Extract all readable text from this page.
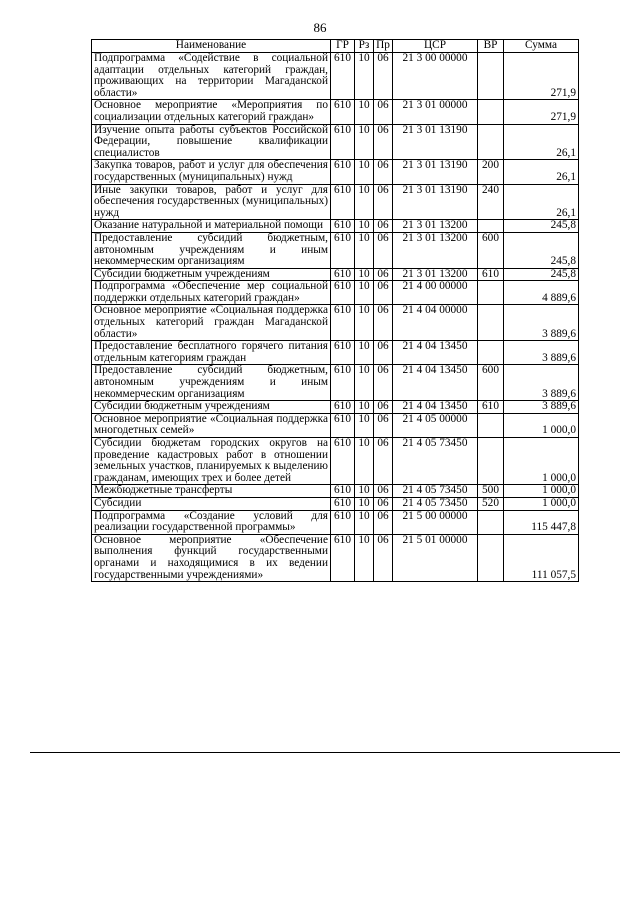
86
Наименование	ГР	Рз	Пр	ЦСР	ВР	Сумма
Подпрограмма «Содействие в социальной адаптации отдельных категорий граждан, проживающих на территории Магаданской области»	610	10	06	21 3 00 00000		271,9
Основное мероприятие «Мероприятия по социализации отдельных категорий граждан»	610	10	06	21 3 01 00000		271,9
Изучение опыта работы субъектов Российской Федерации, повышение квалификации специалистов	610	10	06	21 3 01 13190		26,1
Закупка товаров, работ и услуг для обеспечения государственных (муниципальных) нужд	610	10	06	21 3 01 13190	200	26,1
Иные закупки товаров, работ и услуг для обеспечения государственных (муниципальных) нужд	610	10	06	21 3 01 13190	240	26,1
Оказание натуральной и материальной помощи	610	10	06	21 3 01 13200		245,8
Предоставление субсидий бюджетным, автономным учреждениям и иным некоммерческим организациям	610	10	06	21 3 01 13200	600	245,8
Субсидии бюджетным учреждениям	610	10	06	21 3 01 13200	610	245,8
Подпрограмма «Обеспечение мер социальной поддержки отдельных категорий граждан»	610	10	06	21 4 00 00000		4 889,6
Основное мероприятие «Социальная поддержка отдельных категорий граждан Магаданской области»	610	10	06	21 4 04 00000		3 889,6
Предоставление бесплатного горячего питания отдельным категориям граждан	610	10	06	21 4 04 13450		3 889,6
Предоставление субсидий бюджетным, автономным учреждениям и иным некоммерческим организациям	610	10	06	21 4 04 13450	600	3 889,6
Субсидии бюджетным учреждениям	610	10	06	21 4 04 13450	610	3 889,6
Основное мероприятие «Социальная поддержка многодетных семей»	610	10	06	21 4 05 00000		1 000,0
Субсидии бюджетам городских округов на проведение кадастровых работ в отношении земельных участков, планируемых к выделению гражданам, имеющих трех и более детей	610	10	06	21 4 05 73450		1 000,0
Межбюджетные трансферты	610	10	06	21 4 05 73450	500	1 000,0
Субсидии	610	10	06	21 4 05 73450	520	1 000,0
Подпрограмма «Создание условий для реализации государственной программы»	610	10	06	21 5 00 00000		115 447,8
Основное мероприятие «Обеспечение выполнения функций государственными органами и находящимися в их ведении государственными учреждениями»	610	10	06	21 5 01 00000		111 057,5
